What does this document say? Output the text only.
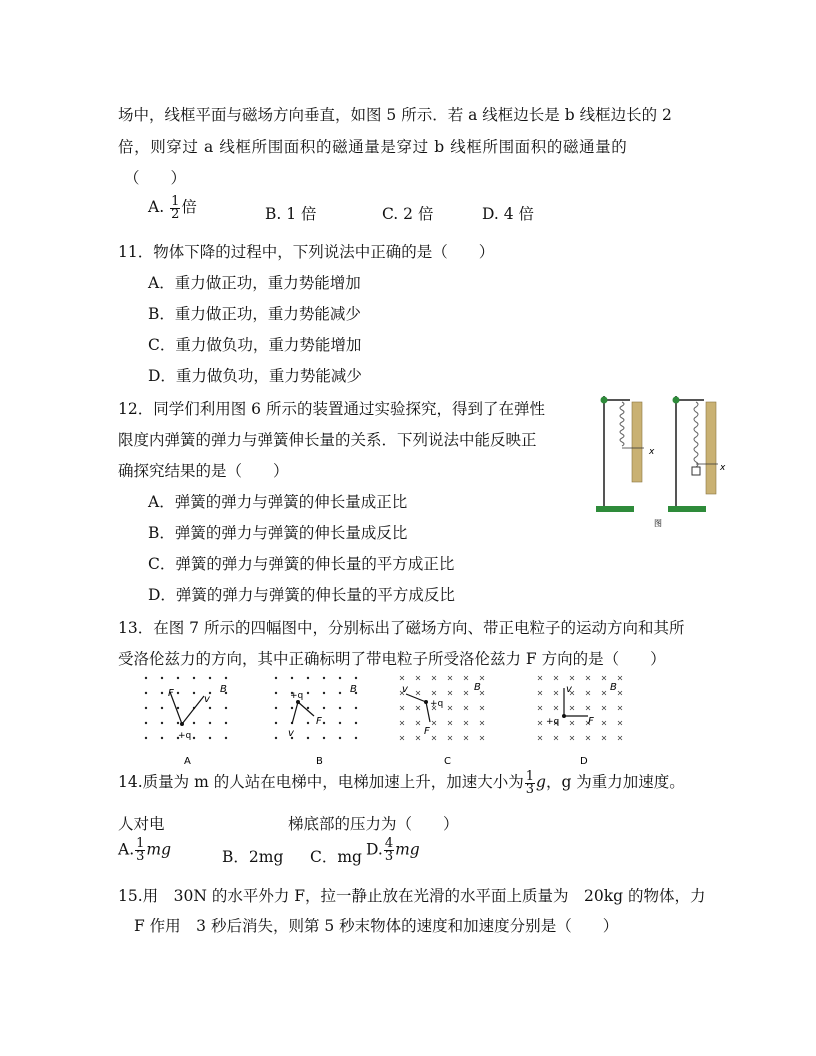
场中，线框平面与磁场方向垂直，如图 5 所示．若 a 线框边长是 b 线框边长的 2
倍，则穿过 a 线框所围面积的磁通量是穿过 b 线框所围面积的磁通量的
（　　）
A. $\frac{1}{2}$ 倍	B. 1 倍	C. 2 倍	D. 4 倍
11．物体下降的过程中，下列说法中正确的是（　　）
A．重力做正功，重力势能增加
B．重力做正功，重力势能减少
C．重力做负功，重力势能增加
D．重力做负功，重力势能减少
12．同学们利用图 6 所示的装置通过实验探究，得到了在弹性
限度内弹簧的弹力与弹簧伸长量的关系．下列说法中能反映正
确探究结果的是（　　）
A．弹簧的弹力与弹簧的伸长量成正比
B．弹簧的弹力与弹簧的伸长量成反比
C．弹簧的弹力与弹簧的伸长量的平方成正比
D．弹簧的弹力与弹簧的伸长量的平方成反比
x
x
图
13．在图 7 所示的四幅图中，分别标出了磁场方向、带正电粒子的运动方向和其所
受洛伦兹力的方向，其中正确标明了带电粒子所受洛伦兹力 F 方向的是（　　）
F
v
B
+q
A
+q
F
v
B
B
+q
v
F
B
C
v
+q	F
B
D
14.质量为 m 的人站在电梯中，电梯加速上升，加速大小为 $\frac{1}{3}$ g，g 为重力加速度。
人对电	梯底部的压力为（　　）
A. $\frac{1}{3}$ mg	B．2mg C．mg D. $\frac{4}{3}$ mg
15.用　30N 的水平外力 F，拉一静止放在光滑的水平面上质量为　20kg 的物体，力
F 作用　3 秒后消失，则第 5 秒末物体的速度和加速度分别是（　　）
